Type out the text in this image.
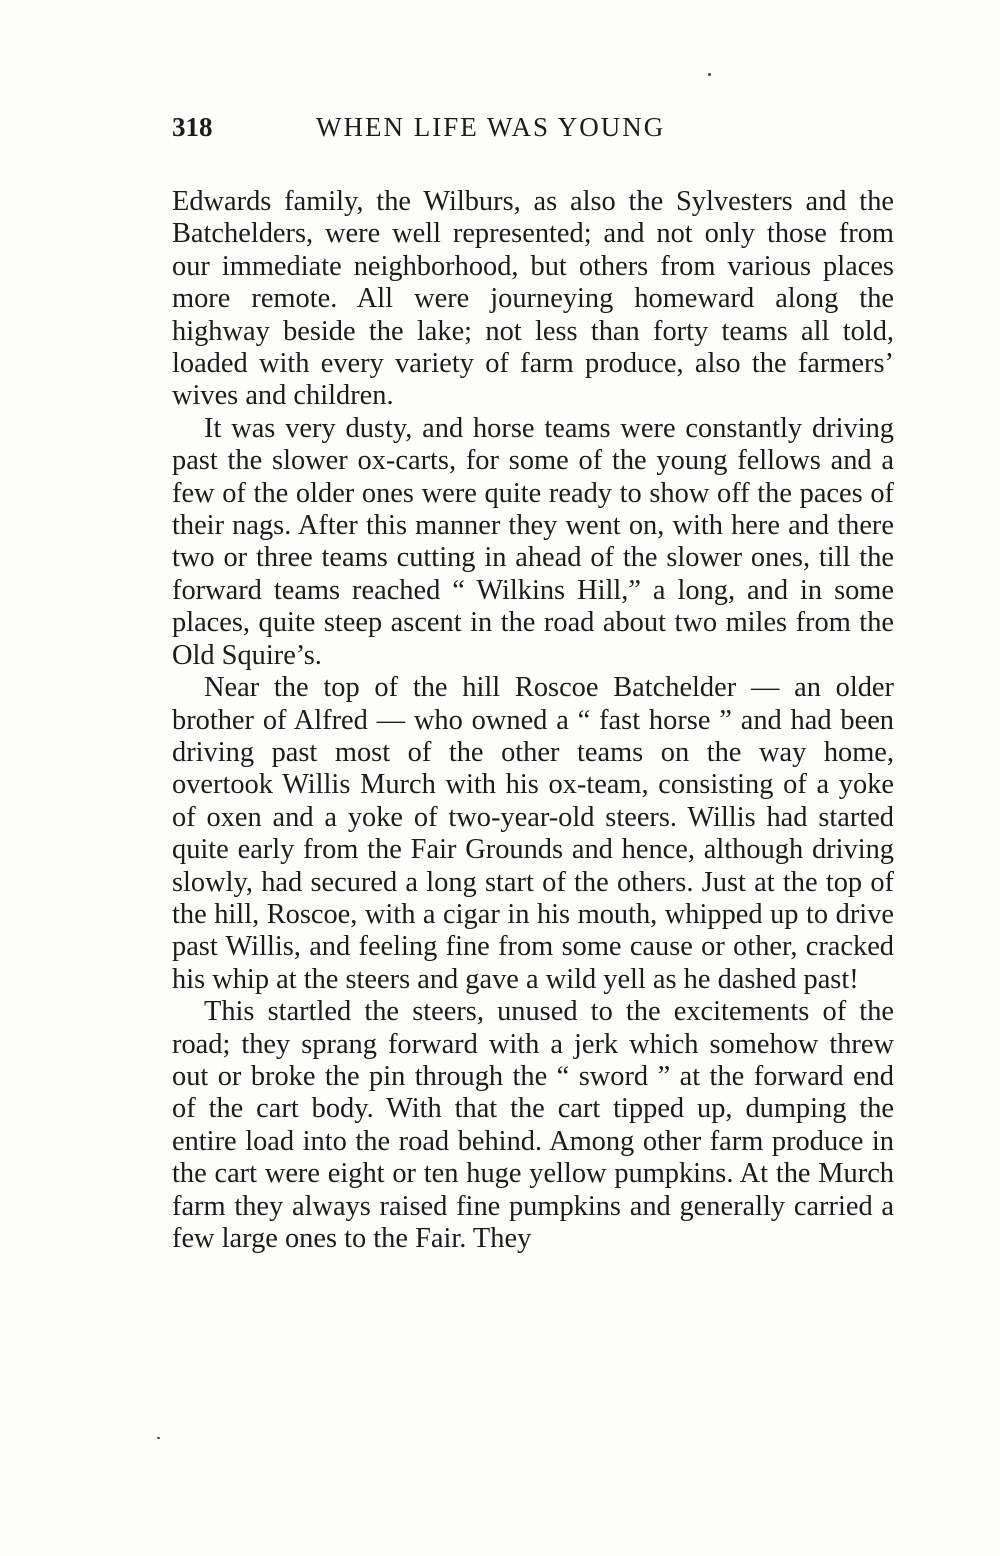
318	WHEN LIFE WAS YOUNG

Edwards family, the Wilburs, as also the Sylvesters and the Batchelders, were well represented; and not only those from our immediate neighborhood, but others from various places more remote. All were journeying homeward along the highway beside the lake; not less than forty teams all told, loaded with every variety of farm produce, also the farmers’ wives and children.

It was very dusty, and horse teams were constantly driving past the slower ox-carts, for some of the young fellows and a few of the older ones were quite ready to show off the paces of their nags. After this manner they went on, with here and there two or three teams cutting in ahead of the slower ones, till the forward teams reached “ Wilkins Hill,” a long, and in some places, quite steep ascent in the road about two miles from the Old Squire’s.

Near the top of the hill Roscoe Batchelder — an older brother of Alfred — who owned a “ fast horse ” and had been driving past most of the other teams on the way home, overtook Willis Murch with his ox-team, consisting of a yoke of oxen and a yoke of two-year-old steers. Willis had started quite early from the Fair Grounds and hence, although driving slowly, had secured a long start of the others. Just at the top of the hill, Roscoe, with a cigar in his mouth, whipped up to drive past Willis, and feeling fine from some cause or other, cracked his whip at the steers and gave a wild yell as he dashed past!

This startled the steers, unused to the excitements of the road; they sprang forward with a jerk which somehow threw out or broke the pin through the “ sword ” at the forward end of the cart body. With that the cart tipped up, dumping the entire load into the road behind. Among other farm produce in the cart were eight or ten huge yellow pumpkins. At the Murch farm they always raised fine pumpkins and generally carried a few large ones to the Fair. They
